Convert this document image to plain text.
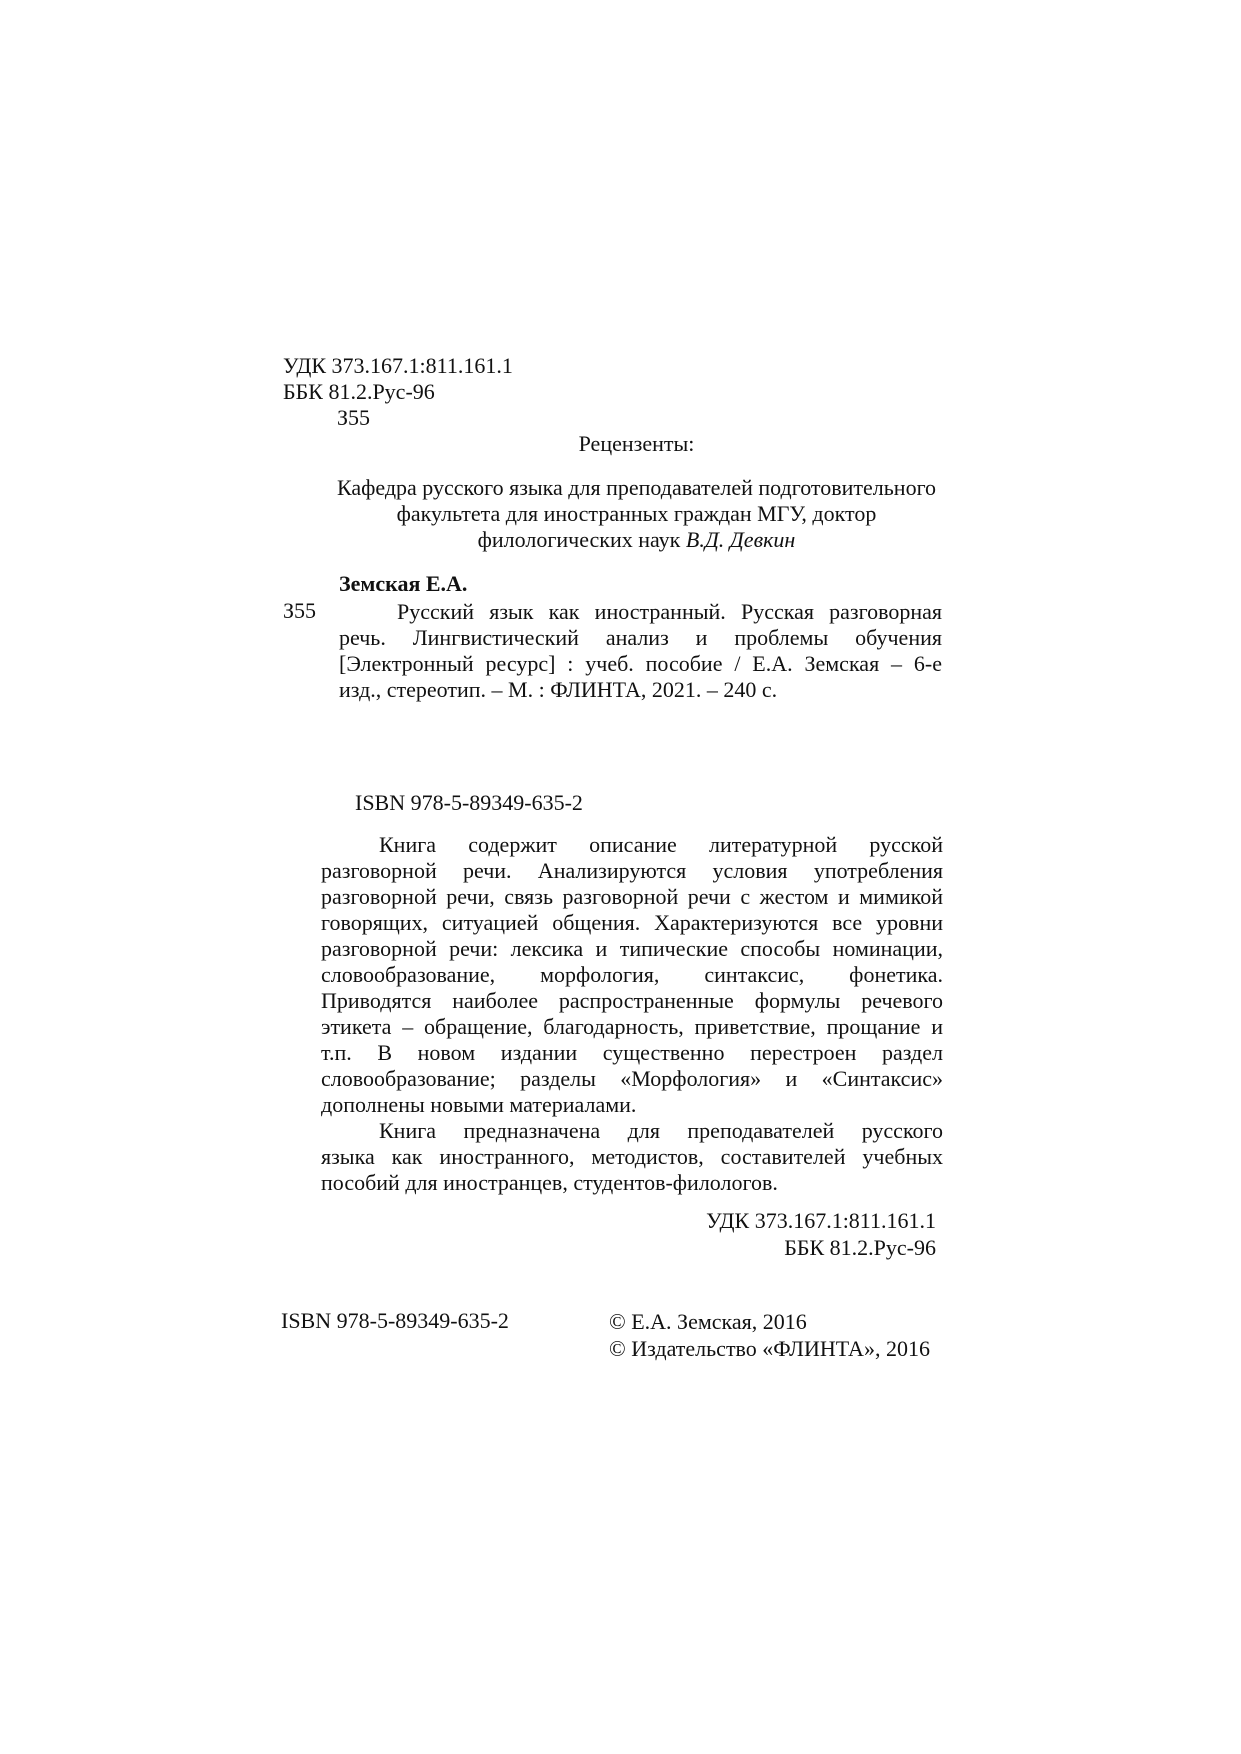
УДК 373.167.1:811.161.1
ББК 81.2.Рус-96
З55
Рецензенты:
Кафедра русского языка для преподавателей подготовительного
факультета для иностранных граждан МГУ, доктор
филологических наук В.Д. Девкин
Земская Е.А.
З55	Русский язык как иностранный. Русская разговорная
речь. Лингвистический анализ и проблемы обучения
[Электронный ресурс] : учеб. пособие / Е.А. Земская – 6-е
изд., стереотип. – М. : ФЛИНТА, 2021. – 240 с.
ISBN 978-5-89349-635-2
Книга содержит описание литературной русской
разговорной речи. Анализируются условия употребления
разговорной речи, связь разговорной речи с жестом и мимикой
говорящих, ситуацией общения. Характеризуются все уровни
разговорной речи: лексика и типические способы номинации,
словообразование, морфология, синтаксис, фонетика.
Приводятся наиболее распространенные формулы речевого
этикета – обращение, благодарность, приветствие, прощание и
т.п. В новом издании существенно перестроен раздел
словообразование; разделы «Морфология» и «Синтаксис»
дополнены новыми материалами.
Книга предназначена для преподавателей русского
языка как иностранного, методистов, составителей учебных
пособий для иностранцев, студентов-филологов.
УДК 373.167.1:811.161.1
ББК 81.2.Рус-96
ISBN 978-5-89349-635-2	© Е.А. Земская, 2016
© Издательство «ФЛИНТА», 2016
